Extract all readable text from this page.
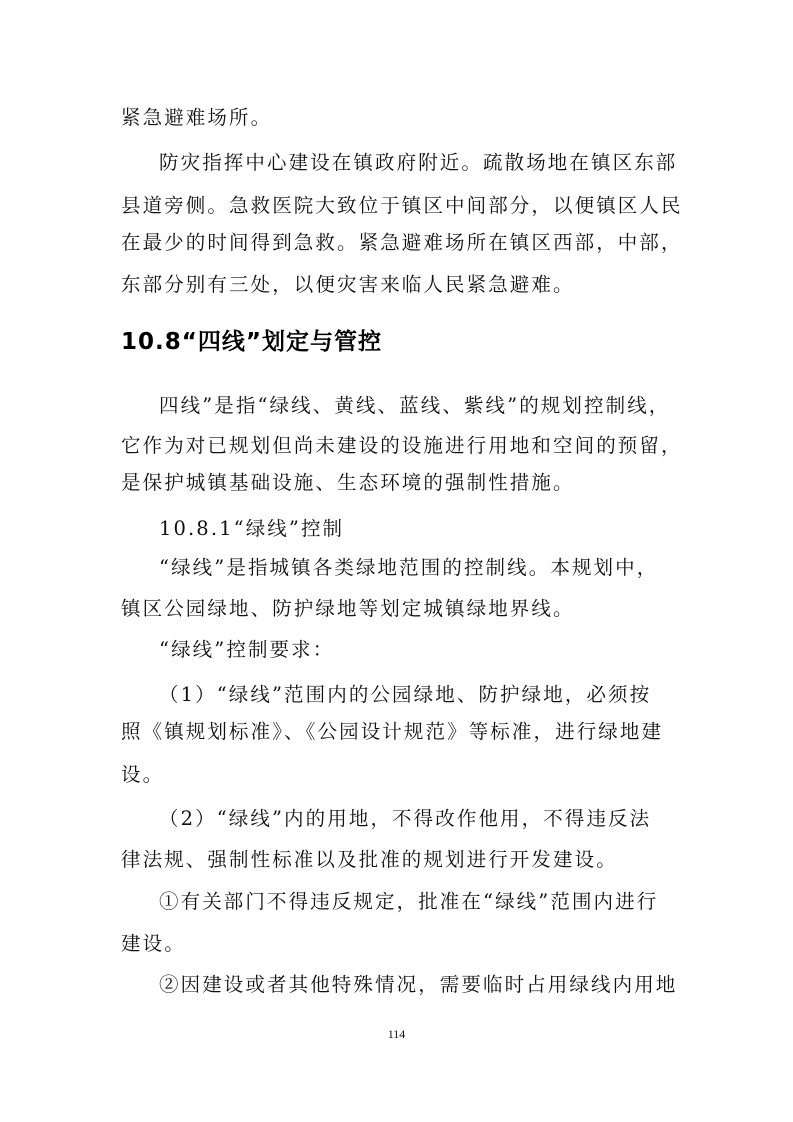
紧急避难场所。
防灾指挥中心建设在镇政府附近。疏散场地在镇区东部
县道旁侧。急救医院大致位于镇区中间部分，以便镇区人民
在最少的时间得到急救。紧急避难场所在镇区西部，中部，
东部分别有三处，以便灾害来临人民紧急避难。
10.8“四线”划定与管控
四线”是指“绿线、黄线、蓝线、紫线”的规划控制线，
它作为对已规划但尚未建设的设施进行用地和空间的预留，
是保护城镇基础设施、生态环境的强制性措施。
10.8.1“绿线”控制
“绿线”是指城镇各类绿地范围的控制线。本规划中，
镇区公园绿地、防护绿地等划定城镇绿地界线。
“绿线”控制要求：
（1）“绿线”范围内的公园绿地、防护绿地，必须按
照《镇规划标准》、《公园设计规范》等标准，进行绿地建
设。
（2）“绿线”内的用地，不得改作他用，不得违反法
律法规、强制性标准以及批准的规划进行开发建设。
①有关部门不得违反规定，批准在“绿线”范围内进行
建设。
②因建设或者其他特殊情况，需要临时占用绿线内用地
114
